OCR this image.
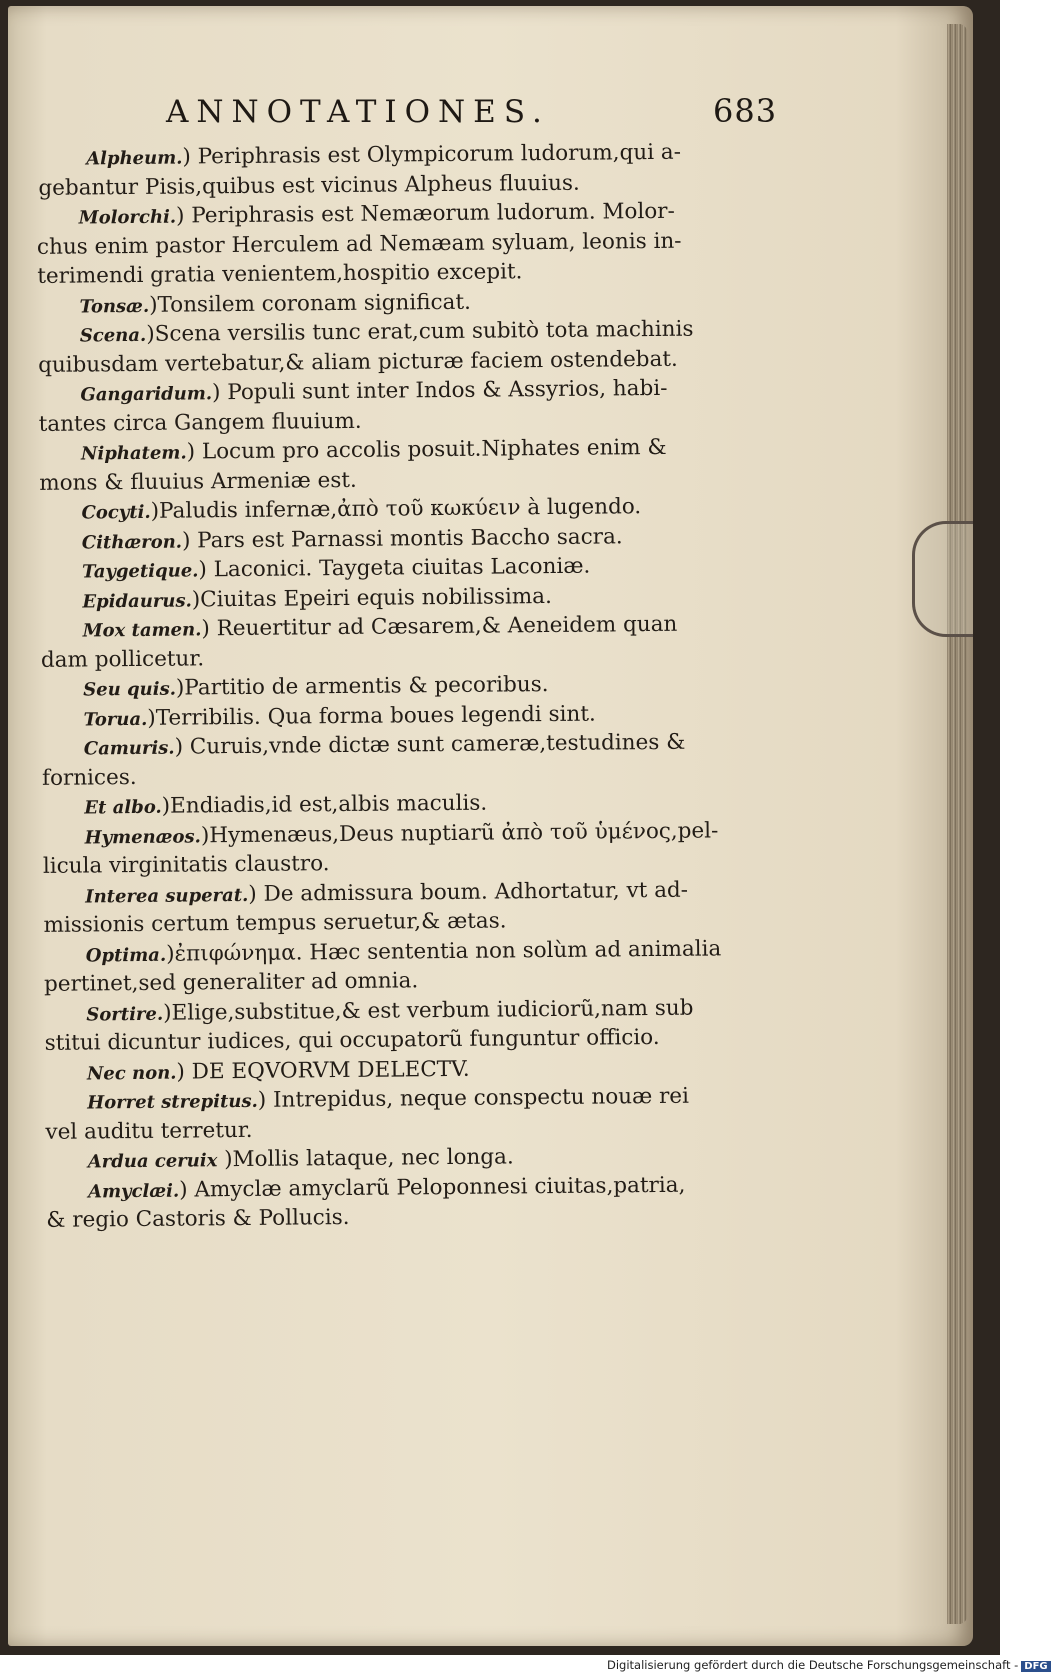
ANNOTATIONES.	683
Alpheum.) Periphrasis est Olympicorum ludorum,qui a-
gebantur Pisis,quibus est vicinus Alpheus fluuius.
Molorchi.) Periphrasis est Nemæorum ludorum. Molor-
chus enim pastor Herculem ad Nemæam syluam, leonis in-
terimendi gratia venientem,hospitio excepit.
Tonsæ.)Tonsilem coronam significat.
Scena.)Scena versilis tunc erat,cum subitò tota machinis
quibusdam vertebatur,& aliam picturæ faciem ostendebat.
Gangaridum.) Populi sunt inter Indos & Assyrios, habi-
tantes circa Gangem fluuium.
Niphatem.) Locum pro accolis posuit.Niphates enim &
mons & fluuius Armeniæ est.
Cocyti.)Paludis infernæ,ἀπὸ τοῦ κωκύειν à lugendo.
Cithæron.) Pars est Parnassi montis Baccho sacra.
Taygetique.) Laconici. Taygeta ciuitas Laconiæ.
Epidaurus.)Ciuitas Epeiri equis nobilissima.
Mox tamen.) Reuertitur ad Cæsarem,& Aeneidem quan
dam pollicetur.
Seu quis.)Partitio de armentis & pecoribus.
Torua.)Terribilis. Qua forma boues legendi sint.
Camuris.) Curuis,vnde dictæ sunt cameræ,testudines &
fornices.
Et albo.)Endiadis,id est,albis maculis.
Hymenæos.)Hymenæus,Deus nuptiarũ ἀπὸ τοῦ ὑμένος,pel-
licula virginitatis claustro.
Interea superat.) De admissura boum. Adhortatur, vt ad-
missionis certum tempus seruetur,& ætas.
Optima.)ἐπιφώνημα. Hæc sententia non solùm ad animalia
pertinet,sed generaliter ad omnia.
Sortire.)Elige,substitue,& est verbum iudiciorũ,nam sub
stitui dicuntur iudices, qui occupatorũ funguntur officio.
Nec non.) DE EQVORVM DELECTV.
Horret strepitus.) Intrepidus, neque conspectu nouæ rei
vel auditu terretur.
Ardua ceruix )Mollis lataque, nec longa.
Amyclæi.) Amyclæ amyclarũ Peloponnesi ciuitas,patria,
& regio Castoris & Pollucis.
Digitalisierung gefördert durch die Deutsche Forschungsgemeinschaft - DFG
